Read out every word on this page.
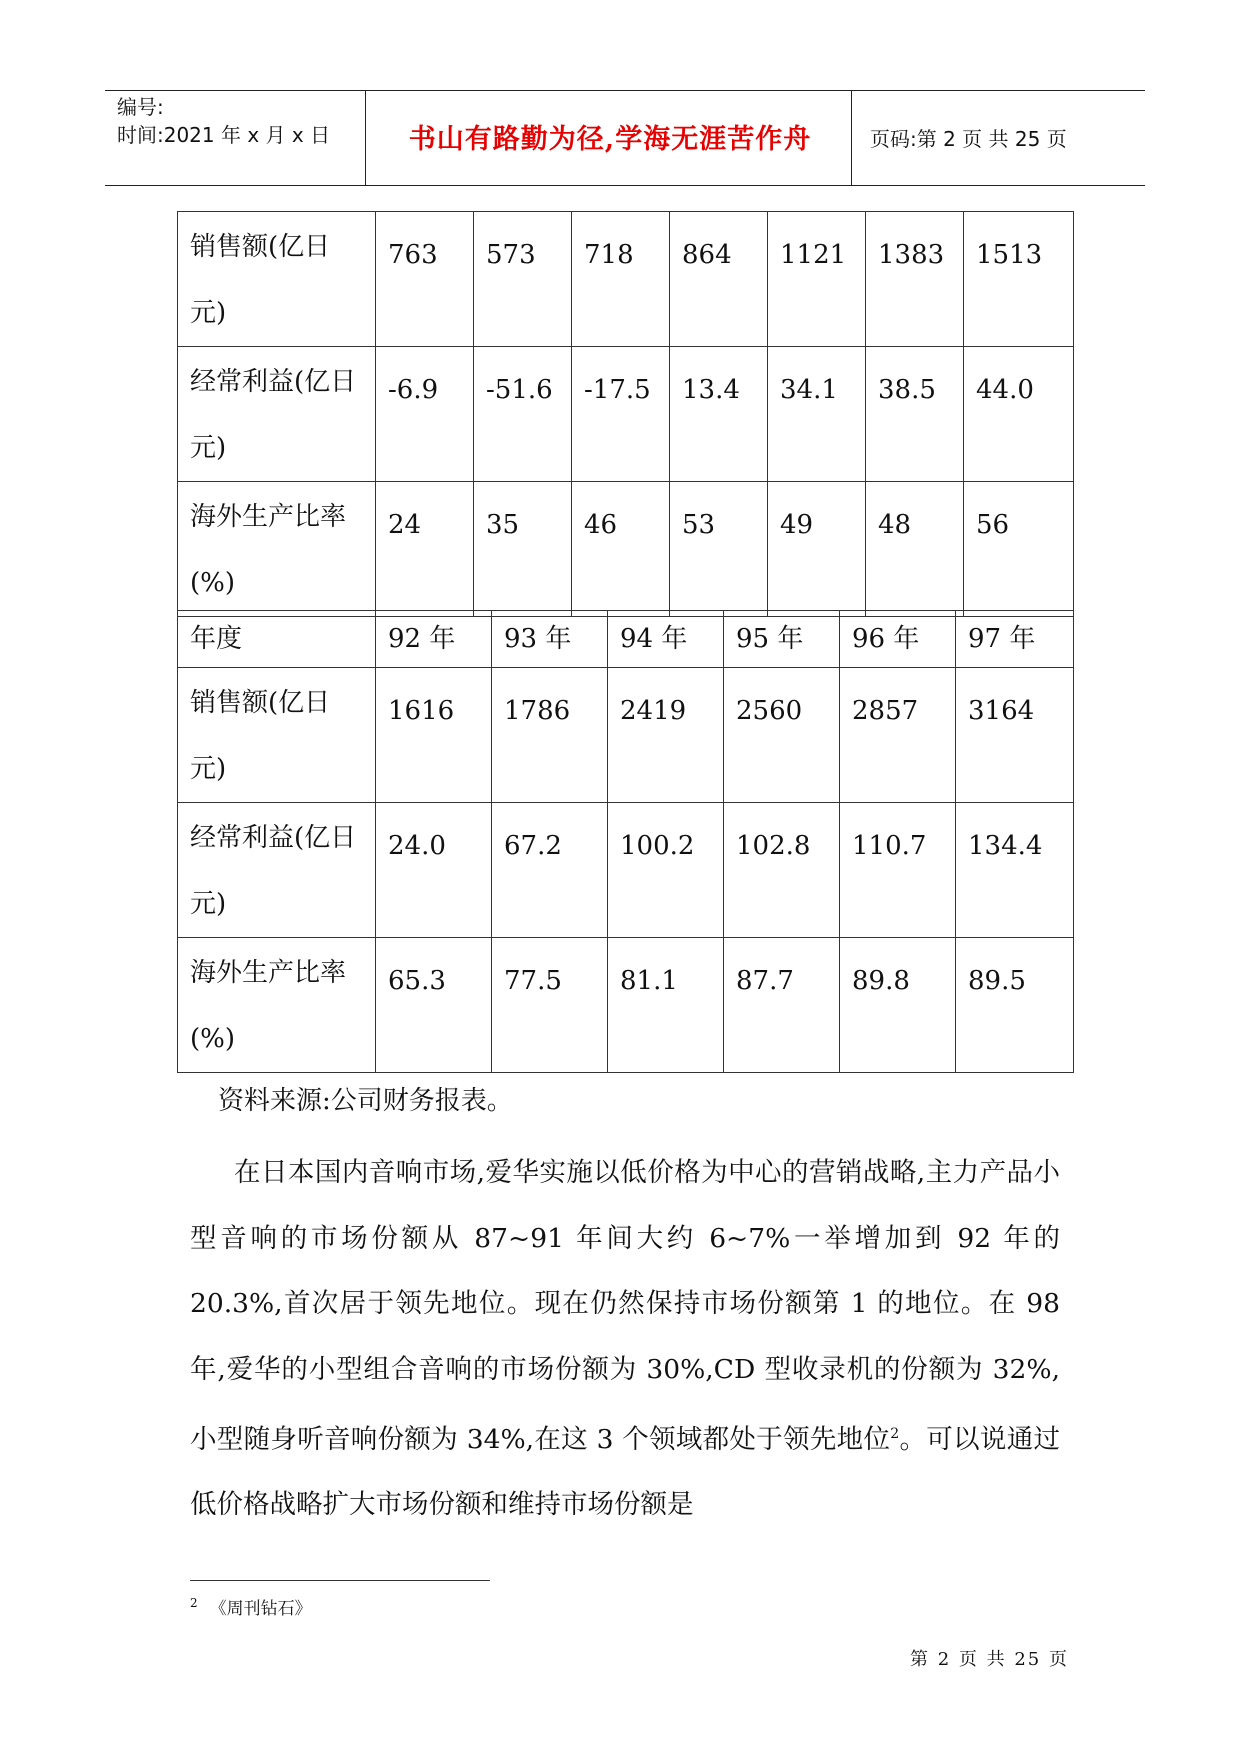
编号:
时间:2021 年 x 月 x 日	书山有路勤为径,学海无涯苦作舟	页码:第 2 页 共 25 页
销售额(亿日元)	763	573	718	864	1121	1383	1513
经常利益(亿日元)	-6.9	-51.6	-17.5	13.4	34.1	38.5	44.0
海外生产比率(%)	24	35	46	53	49	48	56
年度	92 年	93 年	94 年	95 年	96 年	97 年
销售额(亿日元)	1616	1786	2419	2560	2857	3164
经常利益(亿日元)	24.0	67.2	100.2	102.8	110.7	134.4
海外生产比率(%)	65.3	77.5	81.1	87.7	89.8	89.5
资料来源:公司财务报表。

在日本国内音响市场,爱华实施以低价格为中心的营销战略,主力产品小型音响的市场份额从 87~91 年间大约 6~7%一举增加到 92 年的 20.3%,首次居于领先地位。现在仍然保持市场份额第 1 的地位。在 98 年,爱华的小型组合音响的市场份额为 30%,CD 型收录机的份额为 32%,小型随身听音响份额为 34%,在这 3 个领域都处于领先地位$^2$。可以说通过低价格战略扩大市场份额和维持市场份额是

$^2$ 《周刊钻石》
第 2 页 共 25 页
